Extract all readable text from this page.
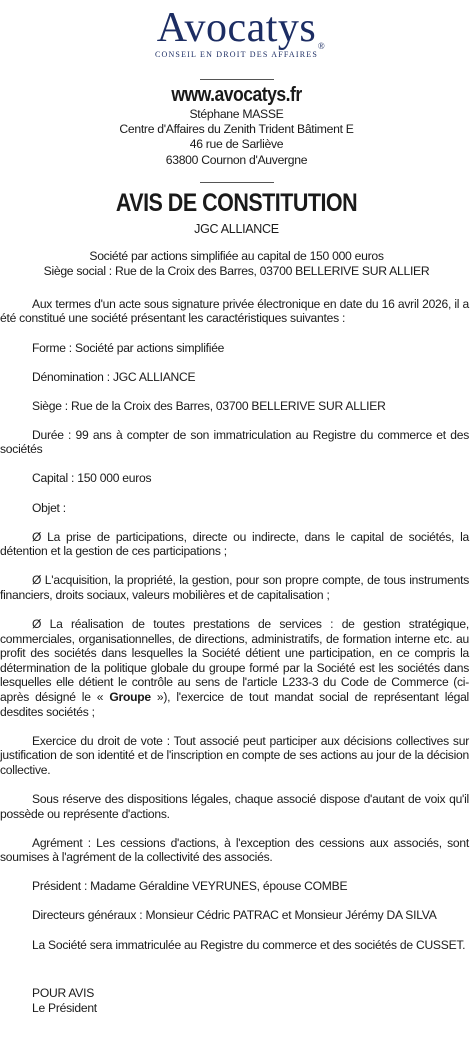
Avocatys ®
CONSEIL EN DROIT DES AFFAIRES
www.avocatys.fr
Stéphane MASSE
Centre d'Affaires du Zenith Trident Bâtiment E
46 rue de Sarliève
63800 Cournon d'Auvergne
AVIS DE CONSTITUTION
JGC ALLIANCE
Société par actions simplifiée au capital de 150 000 euros
Siège social : Rue de la Croix des Barres, 03700 BELLERIVE SUR ALLIER

Aux termes d'un acte sous signature privée électronique en date du 16 avril 2026, il a été constitué une société présentant les caractéristiques suivantes :

Forme : Société par actions simplifiée

Dénomination : JGC ALLIANCE

Siège : Rue de la Croix des Barres, 03700 BELLERIVE SUR ALLIER

Durée : 99 ans à compter de son immatriculation au Registre du commerce et des sociétés

Capital : 150 000 euros

Objet :

Ø La prise de participations, directe ou indirecte, dans le capital de sociétés, la détention et la gestion de ces participations ;

Ø L'acquisition, la propriété, la gestion, pour son propre compte, de tous instruments financiers, droits sociaux, valeurs mobilières et de capitalisation ;

Ø La réalisation de toutes prestations de services : de gestion stratégique, commerciales, organisationnelles, de directions, administratifs, de formation interne etc. au profit des sociétés dans lesquelles la Société détient une participation, en ce compris la détermination de la politique globale du groupe formé par la Société est les sociétés dans lesquelles elle détient le contrôle au sens de l'article L233-3 du Code de Commerce (ci-après désigné le « Groupe »), l'exercice de tout mandat social de représentant légal desdites sociétés ;

Exercice du droit de vote : Tout associé peut participer aux décisions collectives sur justification de son identité et de l'inscription en compte de ses actions au jour de la décision collective.

Sous réserve des dispositions légales, chaque associé dispose d'autant de voix qu'il possède ou représente d'actions.

Agrément : Les cessions d'actions, à l'exception des cessions aux associés, sont soumises à l'agrément de la collectivité des associés.

Président : Madame Géraldine VEYRUNES, épouse COMBE

Directeurs généraux : Monsieur Cédric PATRAC et Monsieur Jérémy DA SILVA

La Société sera immatriculée au Registre du commerce et des sociétés de CUSSET.

POUR AVIS
Le Président
